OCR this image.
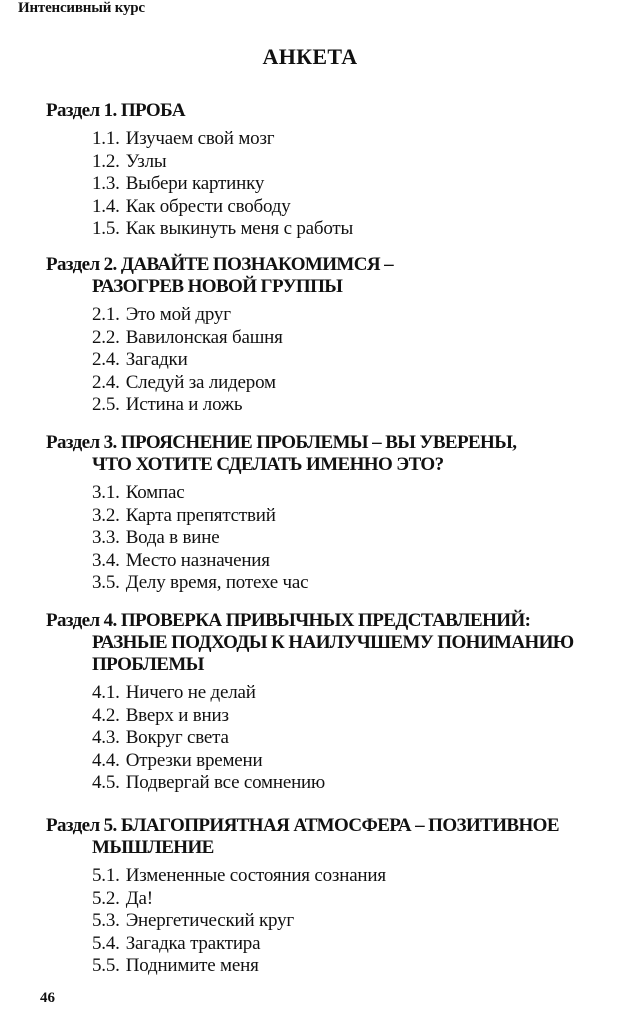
Интенсивный курс
АНКЕТА
Раздел 1. ПРОБА
1.1. Изучаем свой мозг
1.2. Узлы
1.3. Выбери картинку
1.4. Как обрести свободу
1.5. Как выкинуть меня с работы
Раздел 2. ДАВАЙТЕ ПОЗНАКОМИМСЯ –
РАЗОГРЕВ НОВОЙ ГРУППЫ
2.1. Это мой друг
2.2. Вавилонская башня
2.4. Загадки
2.4. Следуй за лидером
2.5. Истина и ложь
Раздел 3. ПРОЯСНЕНИЕ ПРОБЛЕМЫ – ВЫ УВЕРЕНЫ,
ЧТО ХОТИТЕ СДЕЛАТЬ ИМЕННО ЭТО?
3.1. Компас
3.2. Карта препятствий
3.3. Вода в вине
3.4. Место назначения
3.5. Делу время, потехе час
Раздел 4. ПРОВЕРКА ПРИВЫЧНЫХ ПРЕДСТАВЛЕНИЙ:
РАЗНЫЕ ПОДХОДЫ К НАИЛУЧШЕМУ ПОНИМАНИЮ
ПРОБЛЕМЫ
4.1. Ничего не делай
4.2. Вверх и вниз
4.3. Вокруг света
4.4. Отрезки времени
4.5. Подвергай все сомнению
Раздел 5. БЛАГОПРИЯТНАЯ АТМОСФЕРА – ПОЗИТИВНОЕ
МЫШЛЕНИЕ
5.1. Измененные состояния сознания
5.2. Да!
5.3. Энергетический круг
5.4. Загадка трактира
5.5. Поднимите меня
46
